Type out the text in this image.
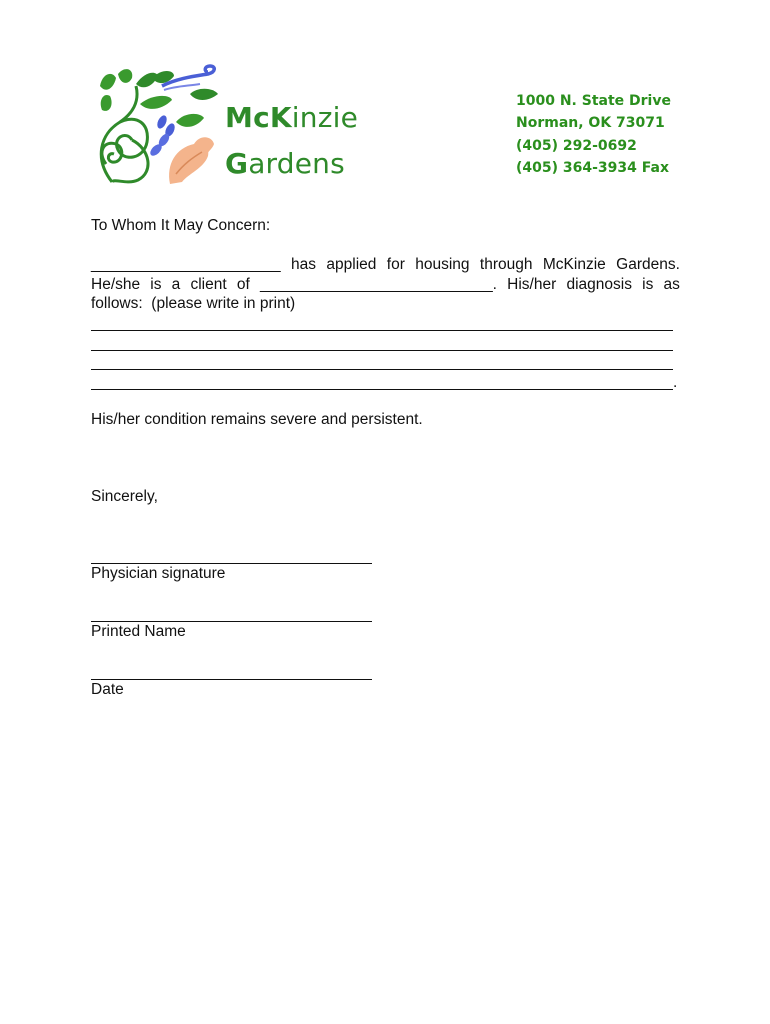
McKinzie
Gardens
1000 N. State Drive
Norman, OK 73071
(405) 292-0692
(405) 364-3934 Fax
To Whom It May Concern:
______________________ has applied for housing through McKinzie Gardens.
He/she is a client of ___________________________. His/her diagnosis is as
follows:  (please write in print)
.
His/her condition remains severe and persistent.
Sincerely,
Physician signature
Printed Name
Date
